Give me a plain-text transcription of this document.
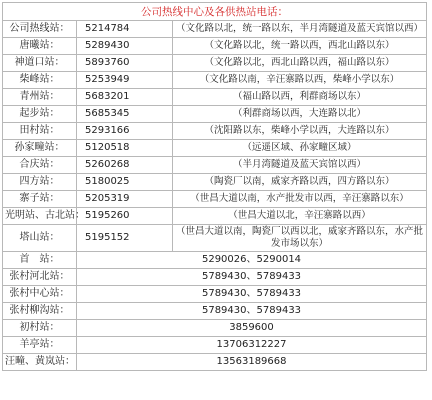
公司热线中心及各供热站电话：		
公司热线站：	5214784	（文化路以北，统一路以东，半月湾隧道及蓝天宾馆以西）
唐曦站：	5289430	（文化路以北，统一路以西，西北山路以东）
神道口站：	5893760	（文化路以北，西北山路以西，福山路以东）
柴峰站：	5253949	（文化路以南，辛汪寨路以西，柴峰小学以东）
青州站：	5683201	（福山路以西，利群商场以东）
起步站：	5685345	（利群商场以西，大连路以北）
田村站：	5293166	（沈阳路以东，柴峰小学以西，大连路以东）
孙家疃站：	5120518	（远遥区域、孙家疃区域）
合庆站：	5260268	（半月湾隧道及蓝天宾馆以西）
四方站：	5180025	（陶瓷厂以南，威家齐路以西，四方路以东）
寨子站：	5205319	（世昌大道以南，水产批发市以西，辛汪寨路以东）
光明站、古北站：	5195260	（世昌大道以北，辛汪寨路以西）
塔山站：	5195152	（世昌大道以南，陶瓷厂以西以北，威家齐路以东，水产批发市场以东）
首　站：	5290026、5290014	
张村河北站：	5789430、5789433	
张村中心站：	5789430、5789433	
张村柳沟站：	5789430、5789433	
初村站：	3859600	
羊亭站：	13706312227	
汪疃、黄岚站：	13563189668	
